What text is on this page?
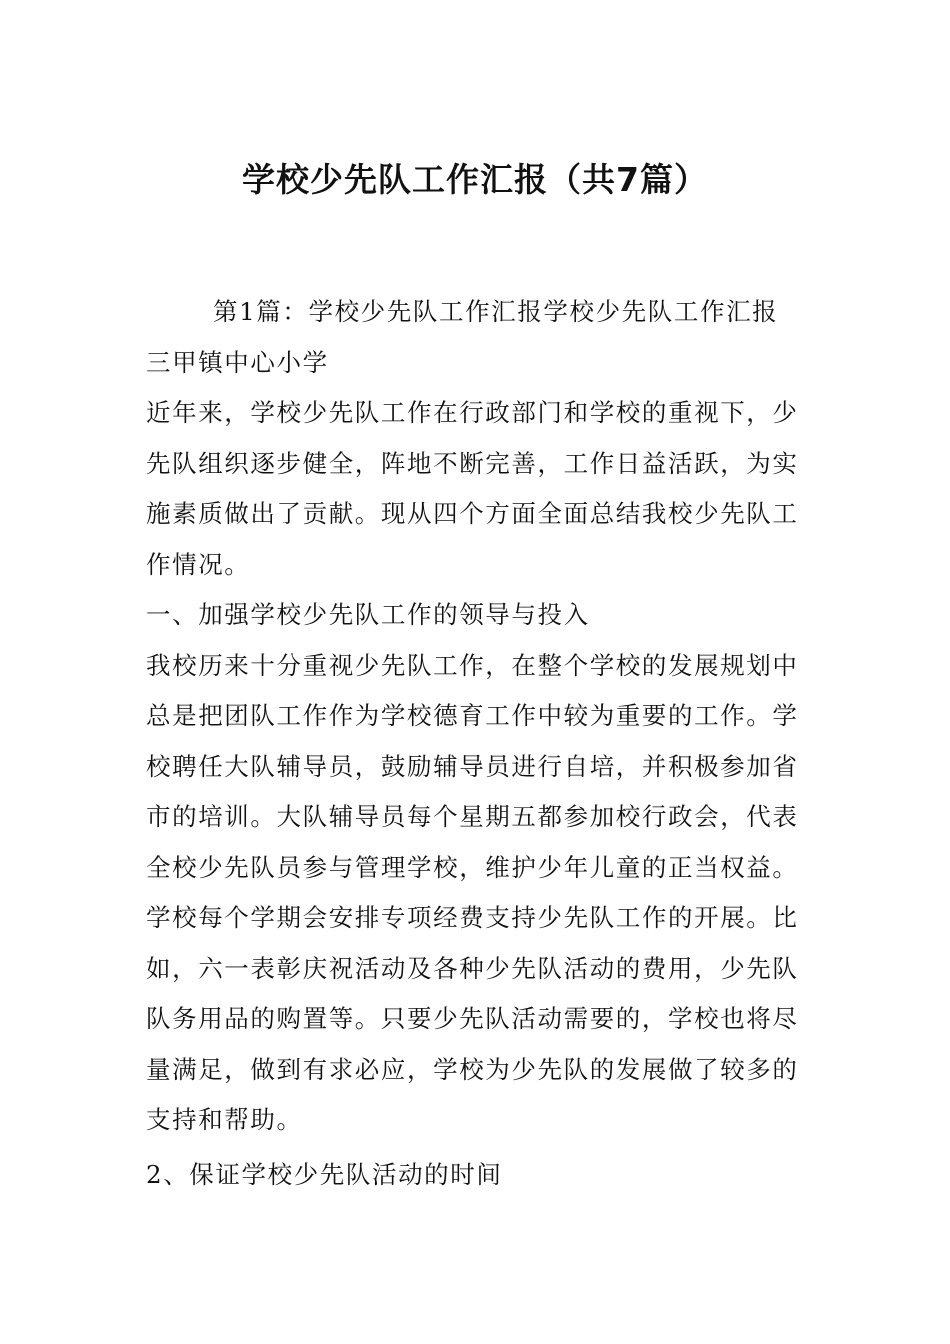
学校少先队工作汇报（共7篇）

第1篇：学校少先队工作汇报学校少先队工作汇报

三甲镇中心小学

近年来，学校少先队工作在行政部门和学校的重视下，少先队组织逐步健全，阵地不断完善，工作日益活跃，为实施素质做出了贡献。现从四个方面全面总结我校少先队工作情况。

一、加强学校少先队工作的领导与投入

我校历来十分重视少先队工作，在整个学校的发展规划中总是把团队工作作为学校德育工作中较为重要的工作。学校聘任大队辅导员，鼓励辅导员进行自培，并积极参加省市的培训。大队辅导员每个星期五都参加校行政会，代表全校少先队员参与管理学校，维护少年儿童的正当权益。

学校每个学期会安排专项经费支持少先队工作的开展。比如，六一表彰庆祝活动及各种少先队活动的费用，少先队队务用品的购置等。只要少先队活动需要的，学校也将尽量满足，做到有求必应，学校为少先队的发展做了较多的支持和帮助。

2、保证学校少先队活动的时间
